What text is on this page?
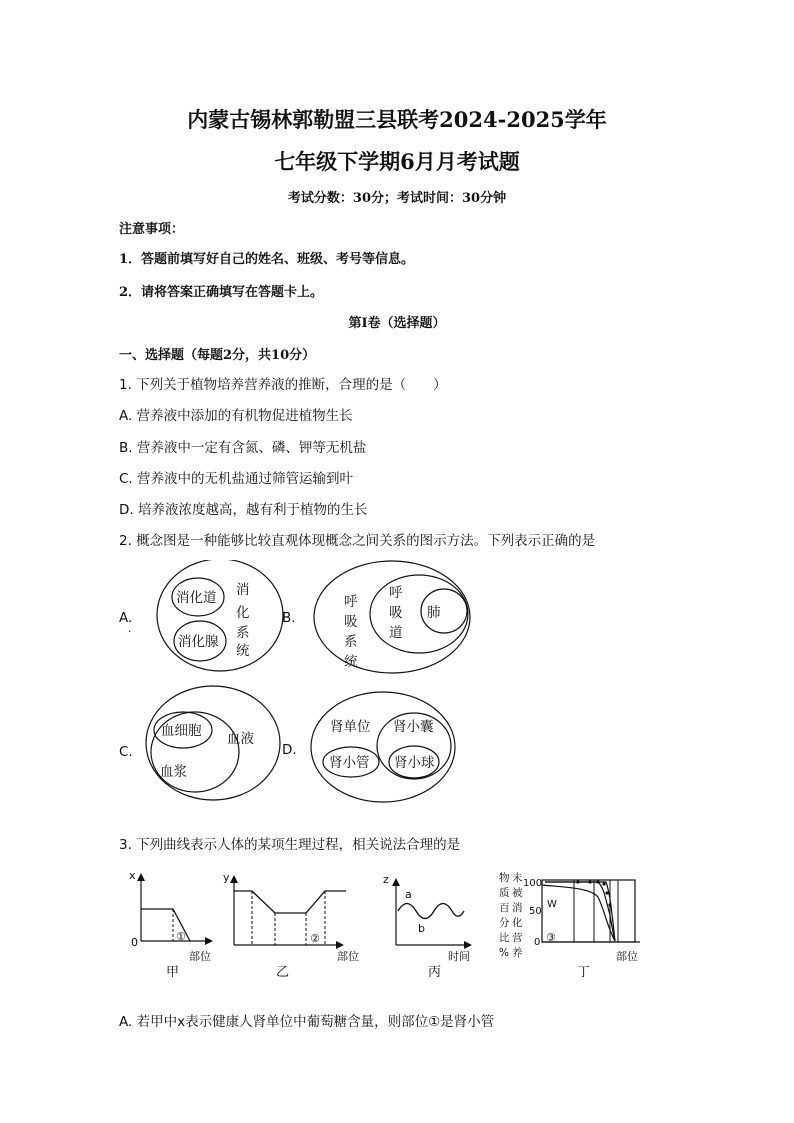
内蒙古锡林郭勒盟三县联考2024-2025学年
七年级下学期6月月考试题
考试分数：30分；考试时间：30分钟
注意事项：
1．答题前填写好自己的姓名、班级、考号等信息。
2．请将答案正确填写在答题卡上。
第I卷（选择题）
一、选择题（每题2分，共10分）
1. 下列关于植物培养营养液的推断，合理的是（　　）
A. 营养液中添加的有机物促进植物生长
B. 营养液中一定有含氮、磷、钾等无机盐
C. 营养液中的无机盐通过筛管运输到叶
D. 培养液浓度越高，越有利于植物的生长
2. 概念图是一种能够比较直观体现概念之间关系的图示方法。下列表示正确的是
A.
.
消化道
消化腺
消
化
系
统
B.
呼
吸
系
统
呼
吸
道
肺
C.
血细胞
血浆
血液
D.
肾单位 肾小囊
肾小管 肾小球
3. 下列曲线表示人体的某项生理过程，相关说法合理的是
x
0	①
部位
甲
y
②
部位
乙
z
a
b
时间
丙
物
质
百
分
比
%
未
被
消
化
营
养
100
50
0
W
③
部位
丁
A. 若甲中x表示健康人肾单位中葡萄糖含量，则部位①是肾小管
